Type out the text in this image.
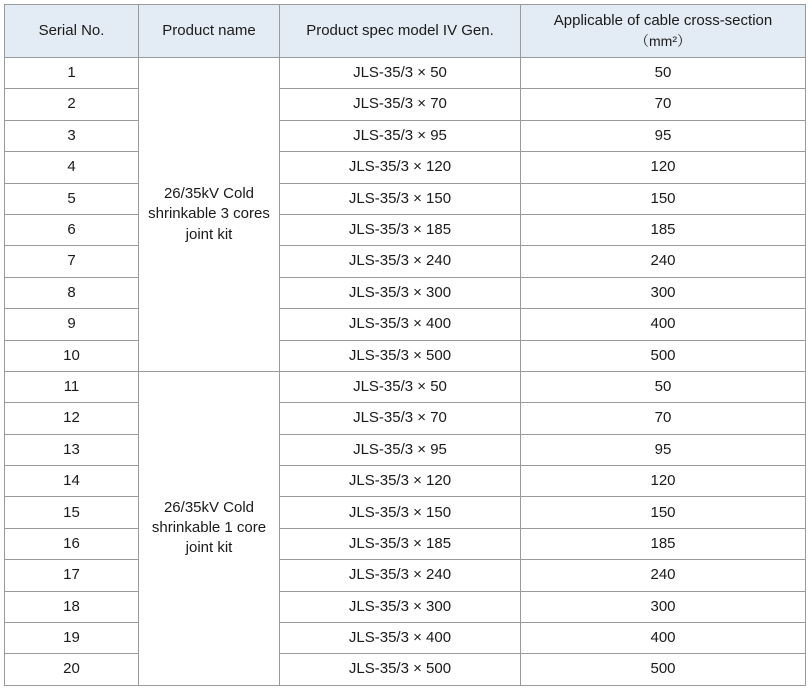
Serial No.	Product name	Product spec model IV Gen.	Applicable of cable cross-section
（mm²）

1	26/35kV Cold shrinkable 3 cores joint kit	JLS-35/3 × 50	50
2		JLS-35/3 × 70	70
3		JLS-35/3 × 95	95
4		JLS-35/3 × 120	120
5		JLS-35/3 × 150	150
6		JLS-35/3 × 185	185
7		JLS-35/3 × 240	240
8		JLS-35/3 × 300	300
9		JLS-35/3 × 400	400
10		JLS-35/3 × 500	500
11	26/35kV Cold shrinkable 1 core joint kit	JLS-35/3 × 50	50
12		JLS-35/3 × 70	70
13		JLS-35/3 × 95	95
14		JLS-35/3 × 120	120
15		JLS-35/3 × 150	150
16		JLS-35/3 × 185	185
17		JLS-35/3 × 240	240
18		JLS-35/3 × 300	300
19		JLS-35/3 × 400	400
20		JLS-35/3 × 500	500
